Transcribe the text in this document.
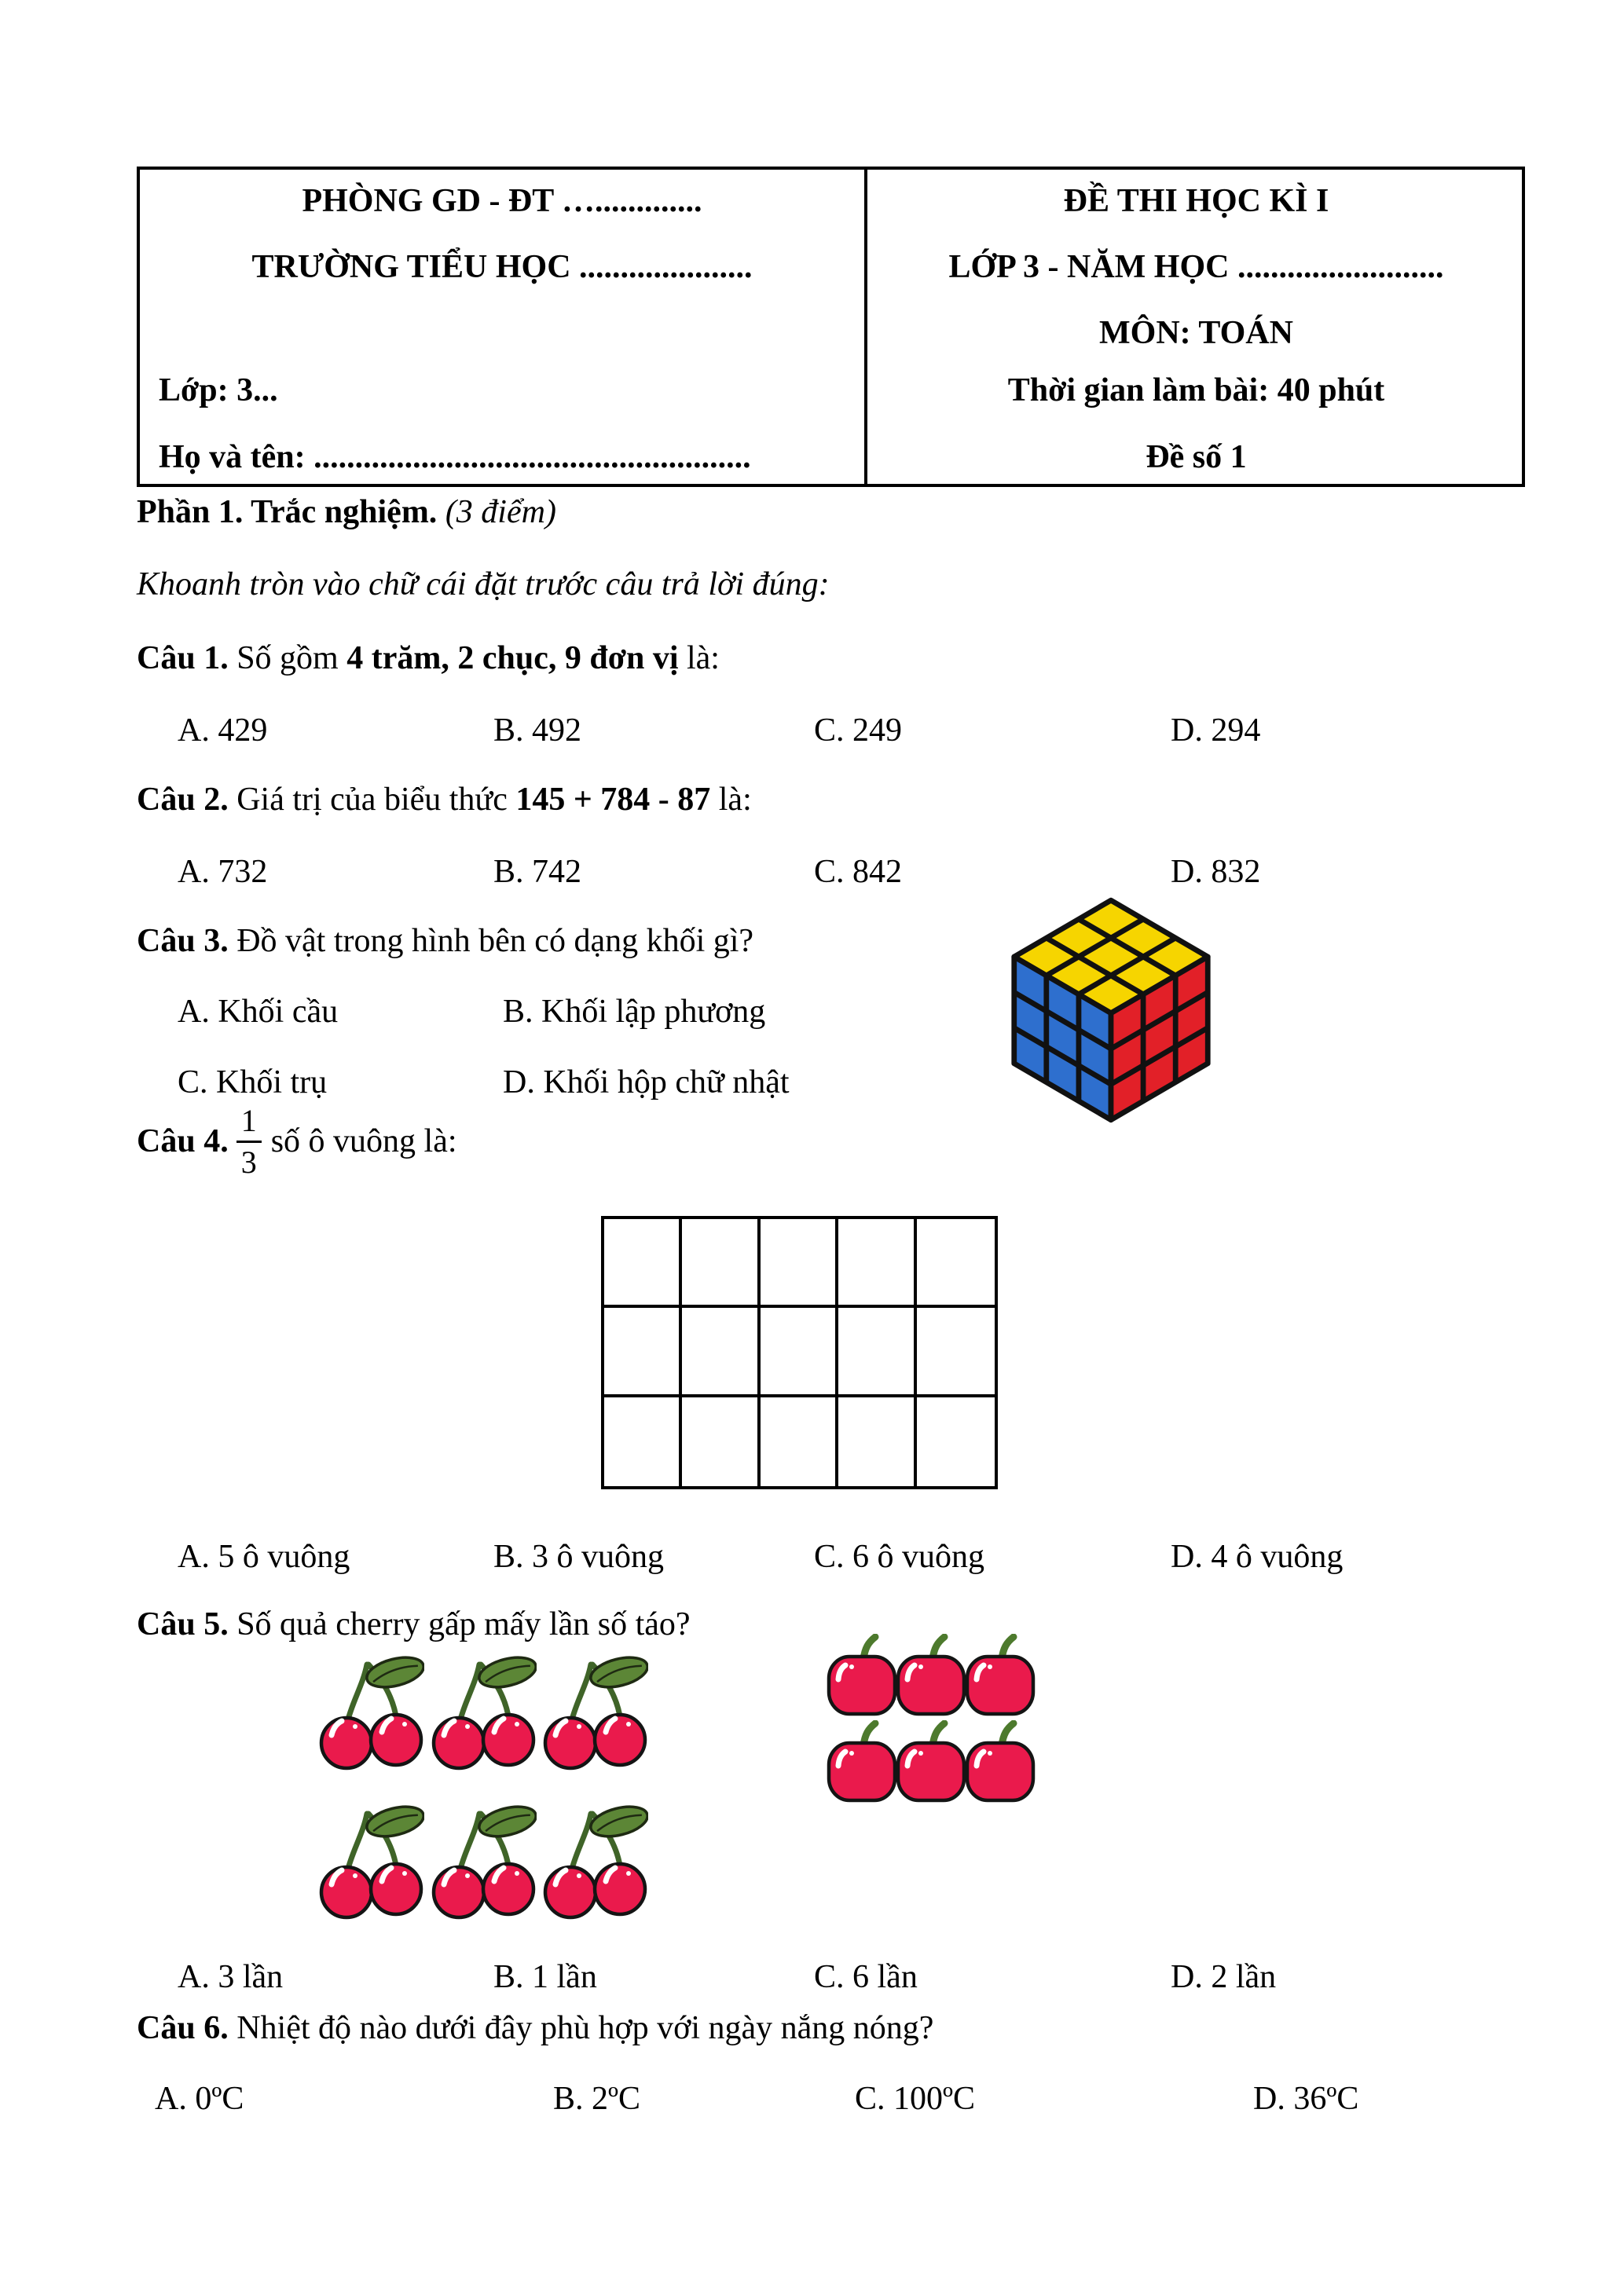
PHÒNG GD - ĐT ….............
TRƯỜNG TIỂU HỌC .....................
Lớp: 3...
Họ và tên: .....................................................
ĐỀ THI HỌC KÌ I
LỚP 3 - NĂM HỌC .........................
MÔN: TOÁN
Thời gian làm bài: 40 phút
Đề số 1
Phần 1. Trắc nghiệm. (3 điểm)
Khoanh tròn vào chữ cái đặt trước câu trả lời đúng:
Câu 1. Số gồm 4 trăm, 2 chục, 9 đơn vị là:
A. 429	B. 492	C. 249	D. 294
Câu 2. Giá trị của biểu thức 145 + 784 - 87 là:
A. 732	B. 742	C. 842	D. 832
Câu 3. Đồ vật trong hình bên có dạng khối gì?
A. Khối cầu	B. Khối lập phương
C. Khối trụ	D. Khối hộp chữ nhật
Câu 4. $\frac{1}{3}$ số ô vuông là:
A. 5 ô vuông	B. 3 ô vuông	C. 6 ô vuông	D. 4 ô vuông
Câu 5. Số quả cherry gấp mấy lần số táo?
A. 3 lần	B. 1 lần	C. 6 lần	D. 2 lần
Câu 6. Nhiệt độ nào dưới đây phù hợp với ngày nắng nóng?
A. 0ºC	B. 2ºC	C. 100ºC	D. 36ºC
